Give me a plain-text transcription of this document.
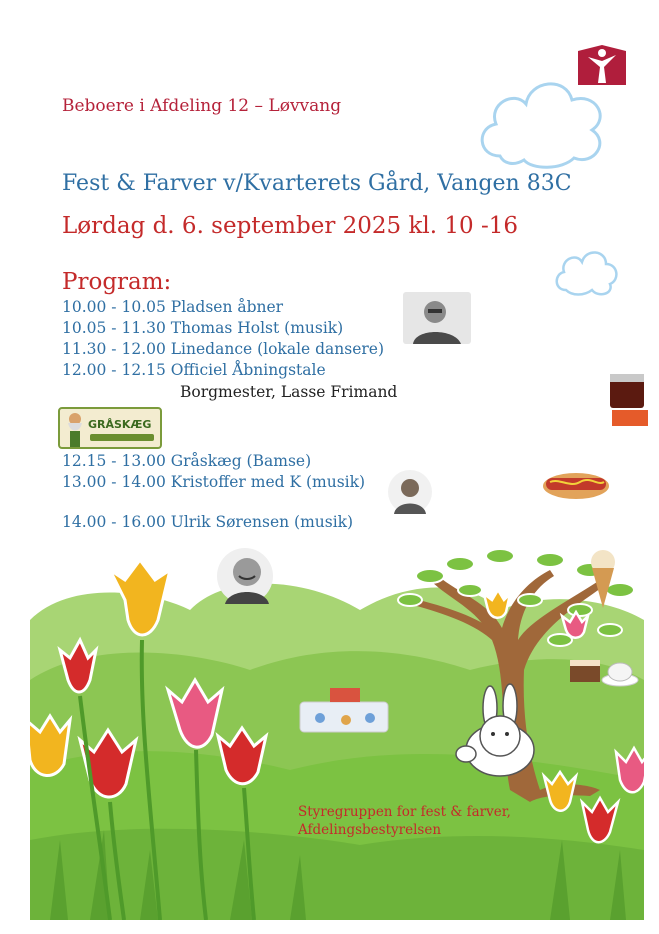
Beboere i Afdeling 12 – Løvvang
Fest & Farver v/Kvarterets Gård, Vangen 83C
Lørdag d. 6. september 2025 kl. 10 -16
Program:
10.00 - 10.05 Pladsen åbner
10.05 - 11.30 Thomas Holst (musik)
11.30 - 12.00 Linedance (lokale dansere)
12.00 - 12.15 Officiel Åbningstale
Borgmester, Lasse Frimand
12.15 - 13.00 Gråskæg (Bamse)
13.00 - 14.00 Kristoffer med K (musik)
14.00 - 16.00 Ulrik Sørensen (musik)
GRÅSKÆG
Styregruppen for fest & farver,
Afdelingsbestyrelsen
